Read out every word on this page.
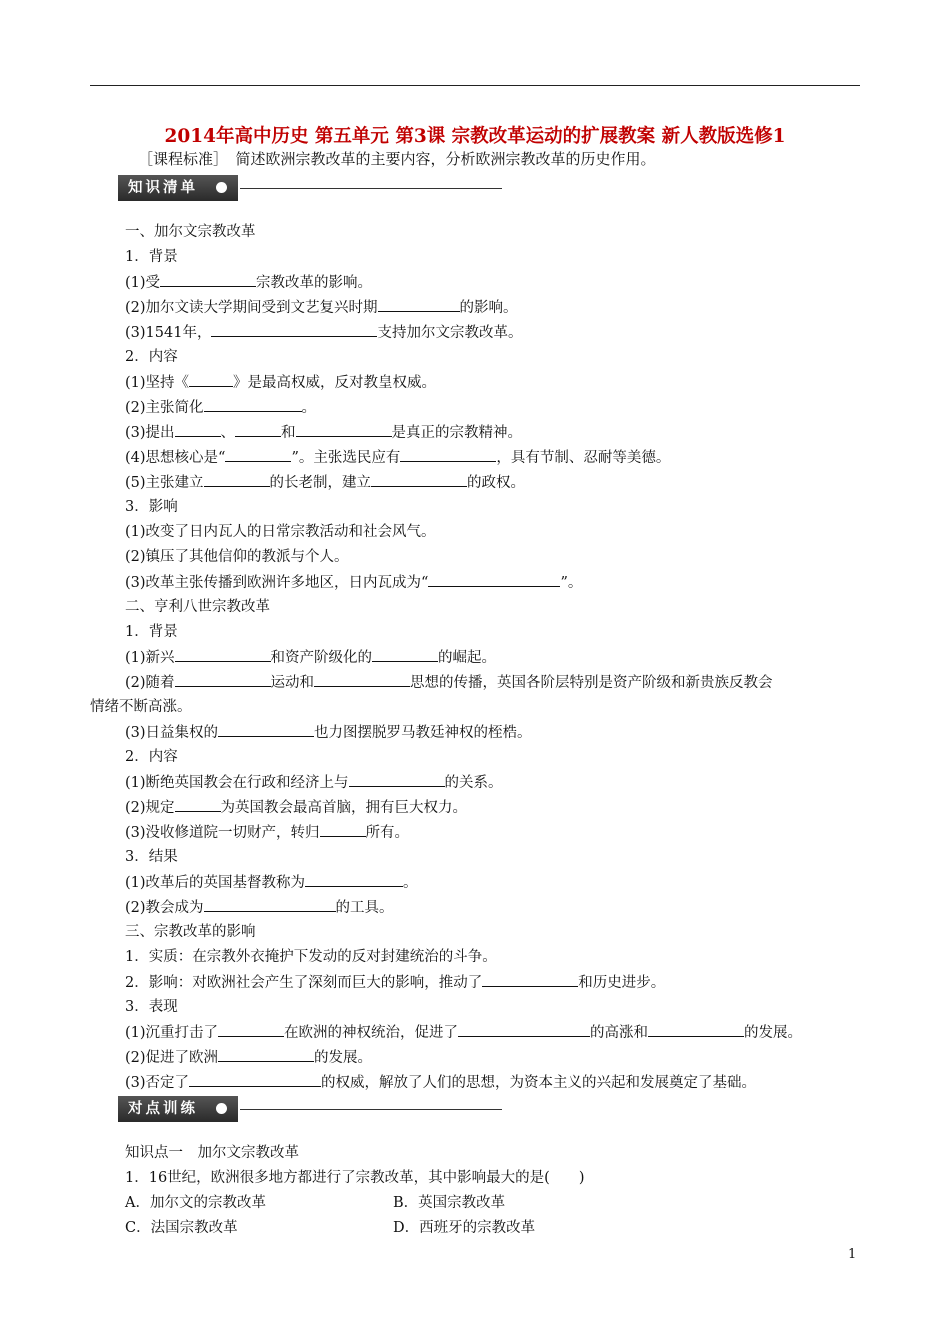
2014年高中历史 第五单元 第3课 宗教改革运动的扩展教案 新人教版选修1
［课程标准］　简述欧洲宗教改革的主要内容，分析欧洲宗教改革的历史作用。
知识清单
一、加尔文宗教改革
1．背景
(1)受	宗教改革的影响。
(2)加尔文读大学期间受到文艺复兴时期	的影响。
(3)1541年，	支持加尔文宗教改革。
2．内容
(1)坚持《	》是最高权威，反对教皇权威。
(2)主张简化	。
(3)提出	、	和	是真正的宗教精神。
(4)思想核心是“	”。主张选民应有	，具有节制、忍耐等美德。
(5)主张建立	的长老制，建立	的政权。
3．影响
(1)改变了日内瓦人的日常宗教活动和社会风气。
(2)镇压了其他信仰的教派与个人。
(3)改革主张传播到欧洲许多地区，日内瓦成为“	”。
二、亨利八世宗教改革
1．背景
(1)新兴	和资产阶级化的	的崛起。
(2)随着	运动和	思想的传播，英国各阶层特别是资产阶级和新贵族反教会
情绪不断高涨。
(3)日益集权的	也力图摆脱罗马教廷神权的桎梏。
2．内容
(1)断绝英国教会在行政和经济上与	的关系。
(2)规定	为英国教会最高首脑，拥有巨大权力。
(3)没收修道院一切财产，转归	所有。
3．结果
(1)改革后的英国基督教称为	。
(2)教会成为	的工具。
三、宗教改革的影响
1．实质：在宗教外衣掩护下发动的反对封建统治的斗争。
2．影响：对欧洲社会产生了深刻而巨大的影响，推动了	和历史进步。
3．表现
(1)沉重打击了	在欧洲的神权统治，促进了	的高涨和	的发展。
(2)促进了欧洲	的发展。
(3)否定了	的权威，解放了人们的思想，为资本主义的兴起和发展奠定了基础。
对点训练
知识点一　加尔文宗教改革
1．16世纪，欧洲很多地方都进行了宗教改革，其中影响最大的是(　　)
A．加尔文的宗教改革	B．英国宗教改革
C．法国宗教改革	D．西班牙的宗教改革
1
